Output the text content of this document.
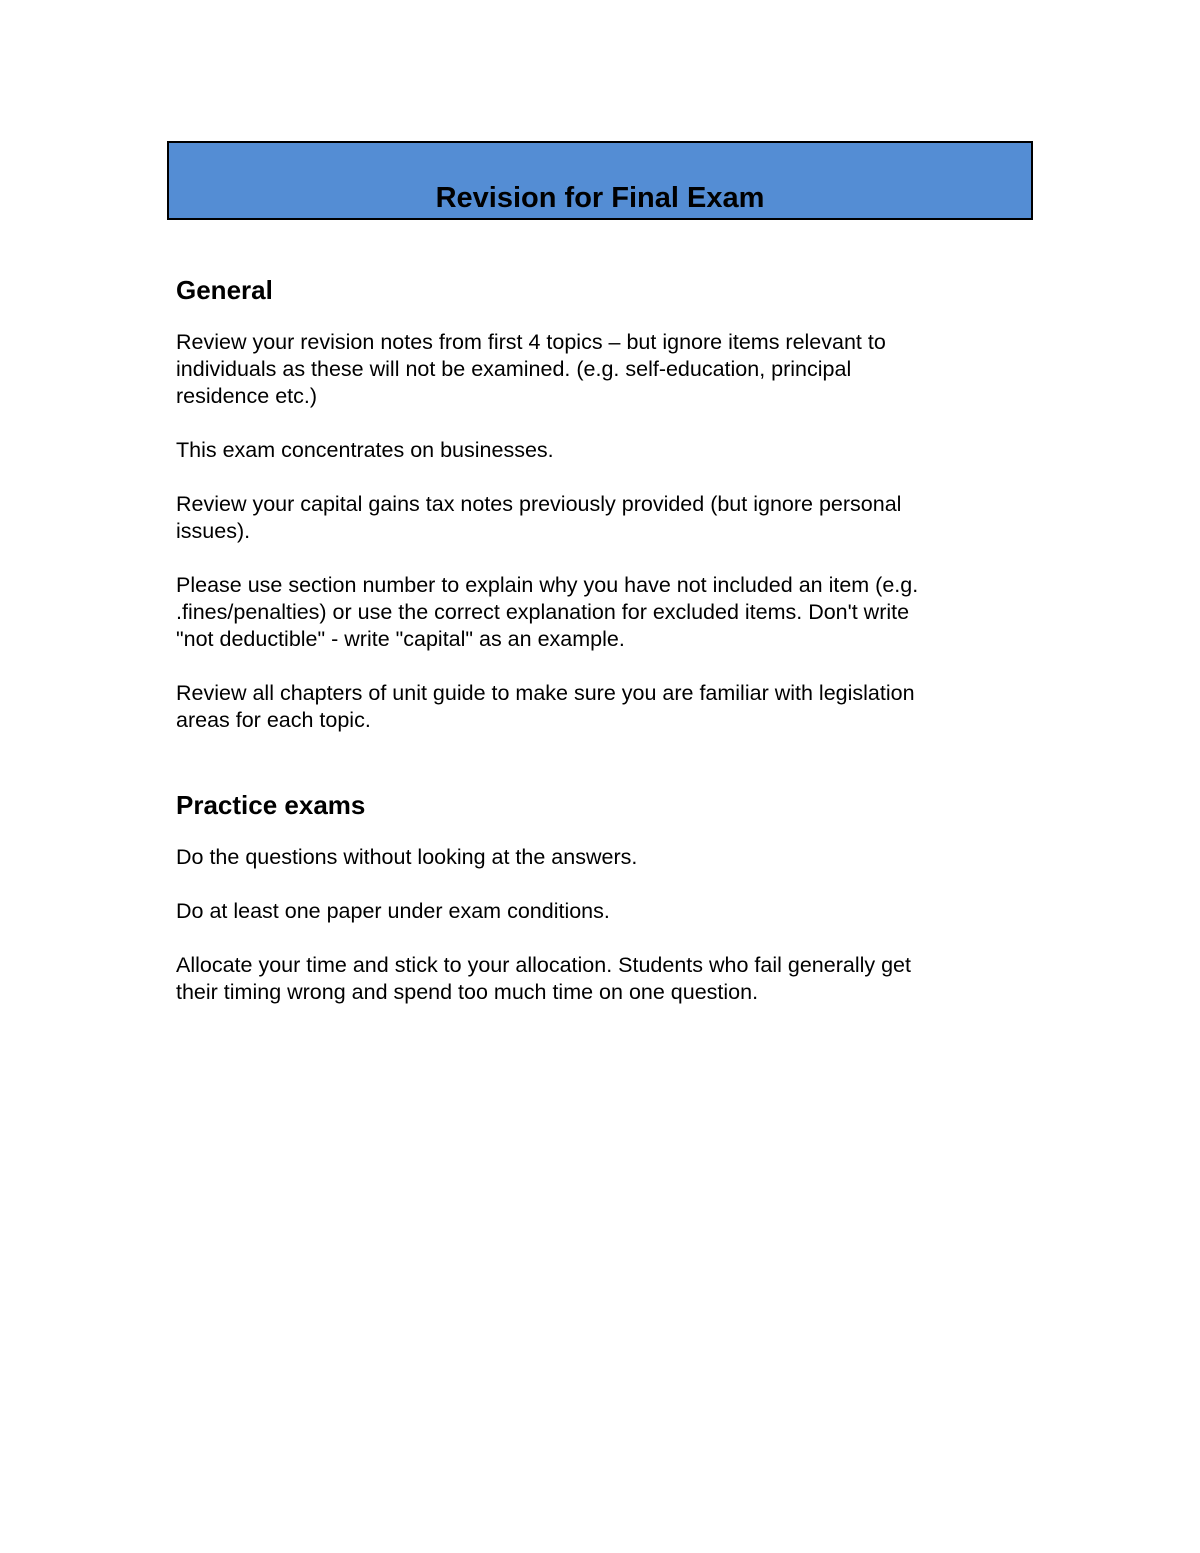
Revision for Final Exam
General

Review your revision notes from first 4 topics – but ignore items relevant to
individuals as these will not be examined. (e.g. self-education, principal
residence etc.)

This exam concentrates on businesses.

Review your capital gains tax notes previously provided (but ignore personal
issues).

Please use section number to explain why you have not included an item (e.g.
.fines/penalties) or use the correct explanation for excluded items. Don't write
"not deductible" - write "capital" as an example.

Review all chapters of unit guide to make sure you are familiar with legislation
areas for each topic.

Practice exams

Do the questions without looking at the answers.

Do at least one paper under exam conditions.

Allocate your time and stick to your allocation. Students who fail generally get
their timing wrong and spend too much time on one question.
